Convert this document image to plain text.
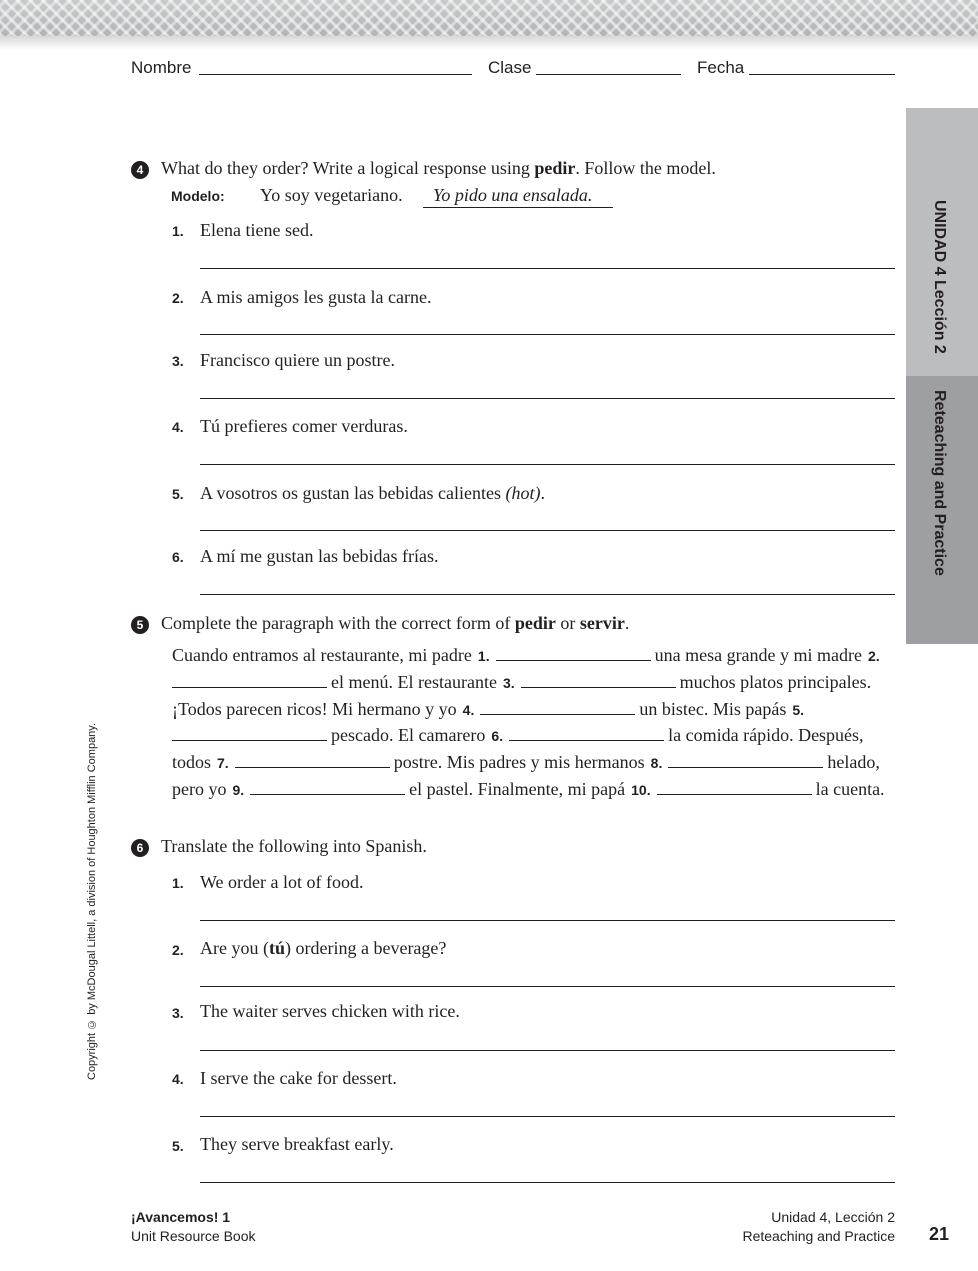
Nombre	Clase	Fecha
UNIDAD 4 Lección 2
Reteaching and Practice
Copyright © by McDougal Littell, a division of Houghton Mifflin Company.
4 What do they order? Write a logical response using pedir. Follow the model.
Modelo: Yo soy vegetariano.	Yo pido una ensalada.
1. Elena tiene sed.
2. A mis amigos les gusta la carne.
3. Francisco quiere un postre.
4. Tú prefieres comer verduras.
5. A vosotros os gustan las bebidas calientes (hot).
6. A mí me gustan las bebidas frías.
5 Complete the paragraph with the correct form of pedir or servir.
Cuando entramos al restaurante, mi padre 1.	una mesa grande y mi madre 2.el menú. El restaurante 3.	muchos platos principales. ¡Todos parecen ricos! Mi hermano y yo 4.	un bistec. Mis papás 5.pescado. El camarero 6.	la comida rápido. Después, todos 7.	postre. Mis padres y mis hermanos 8.	helado, pero yo 9.	el pastel. Finalmente, mi papá 10.	la cuenta.
6 Translate the following into Spanish.
1. We order a lot of food.
2. Are you (tú) ordering a beverage?
3. The waiter serves chicken with rice.
4. I serve the cake for dessert.
5. They serve breakfast early.
¡Avancemos! 1
Unit Resource Book
Unidad 4, Lección 2
Reteaching and Practice 21
